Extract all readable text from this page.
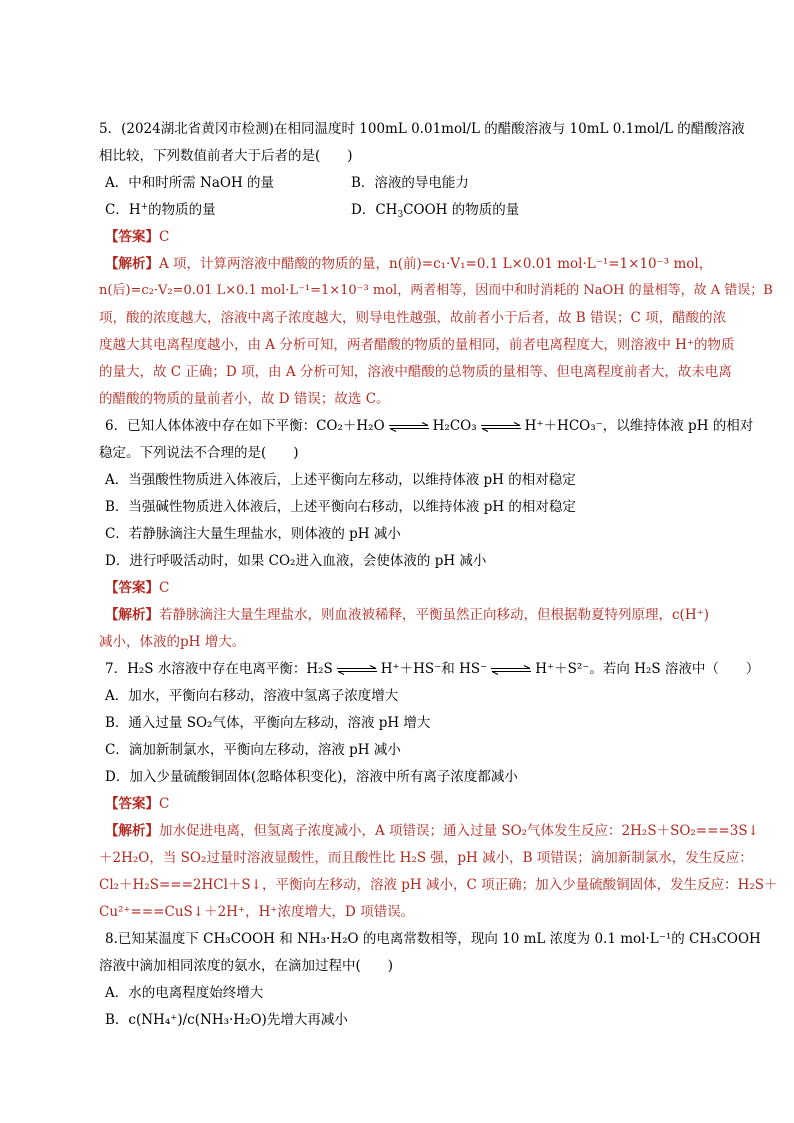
5．(2024湖北省黄冈市检测)在相同温度时 100mL 0.01mol/L 的醋酸溶液与 10mL 0.1mol/L 的醋酸溶液
相比较，下列数值前者大于后者的是(　　)
A．中和时所需 NaOH 的量	B．溶液的导电能力
C．H+的物质的量	D．$CH_3COOH$ 的物质的量
【答案】C
【解析】A 项，计算两溶液中醋酸的物质的量，n(前)=c₁·V₁=0.1 L×0.01 mol·L⁻¹=1×10⁻³ mol，
n(后)=c₂·V₂=0.01 L×0.1 mol·L⁻¹=1×10⁻³ mol，两者相等，因而中和时消耗的 NaOH 的量相等，故 A 错误；B
项，酸的浓度越大，溶液中离子浓度越大，则导电性越强，故前者小于后者，故 B 错误；C 项，醋酸的浓
度越大其电离程度越小，由 A 分析可知，两者醋酸的物质的量相同，前者电离程度大，则溶液中 H⁺的物质
的量大，故 C 正确；D 项，由 A 分析可知，溶液中醋酸的总物质的量相等、但电离程度前者大，故未电离
的醋酸的物质的量前者小，故 D 错误；故选 C。
6．已知人体体液中存在如下平衡：CO₂＋H₂O ⇌ H₂CO₃ ⇌ H⁺＋HCO₃⁻，以维持体液 pH 的相对
稳定。下列说法不合理的是(　　)
A．当强酸性物质进入体液后，上述平衡向左移动，以维持体液 pH 的相对稳定
B．当强碱性物质进入体液后，上述平衡向右移动，以维持体液 pH 的相对稳定
C．若静脉滴注大量生理盐水，则体液的 pH 减小
D．进行呼吸活动时，如果 CO₂进入血液，会使体液的 pH 减小
【答案】C
【解析】若静脉滴注大量生理盐水，则血液被稀释，平衡虽然正向移动，但根据勒夏特列原理，c(H⁺)
减小，体液的pH 增大。
7．H₂S 水溶液中存在电离平衡：H₂S ⇌ H⁺＋HS⁻和 HS⁻ ⇌ H⁺＋S²⁻。若向 H₂S 溶液中（　　）
A．加水，平衡向右移动，溶液中氢离子浓度增大
B．通入过量 SO₂气体，平衡向左移动，溶液 pH 增大
C．滴加新制氯水，平衡向左移动，溶液 pH 减小
D．加入少量硫酸铜固体(忽略体积变化)，溶液中所有离子浓度都减小
【答案】C
【解析】加水促进电离，但氢离子浓度减小，A 项错误；通入过量 SO₂气体发生反应：2H₂S＋SO₂===3S↓
＋2H₂O，当 SO₂过量时溶液显酸性，而且酸性比 H₂S 强，pH 减小，B 项错误；滴加新制氯水，发生反应：
Cl₂＋H₂S===2HCl＋S↓，平衡向左移动，溶液 pH 减小，C 项正确；加入少量硫酸铜固体，发生反应：H₂S＋
Cu²⁺===CuS↓＋2H⁺，H⁺浓度增大，D 项错误。
8.已知某温度下 CH₃COOH 和 NH₃·H₂O 的电离常数相等，现向 10 mL 浓度为 0.1 mol·L⁻¹的 CH₃COOH
溶液中滴加相同浓度的氨水，在滴加过程中(　　)
A．水的电离程度始终增大
B．c(NH₄⁺)/c(NH₃·H₂O)先增大再减小
